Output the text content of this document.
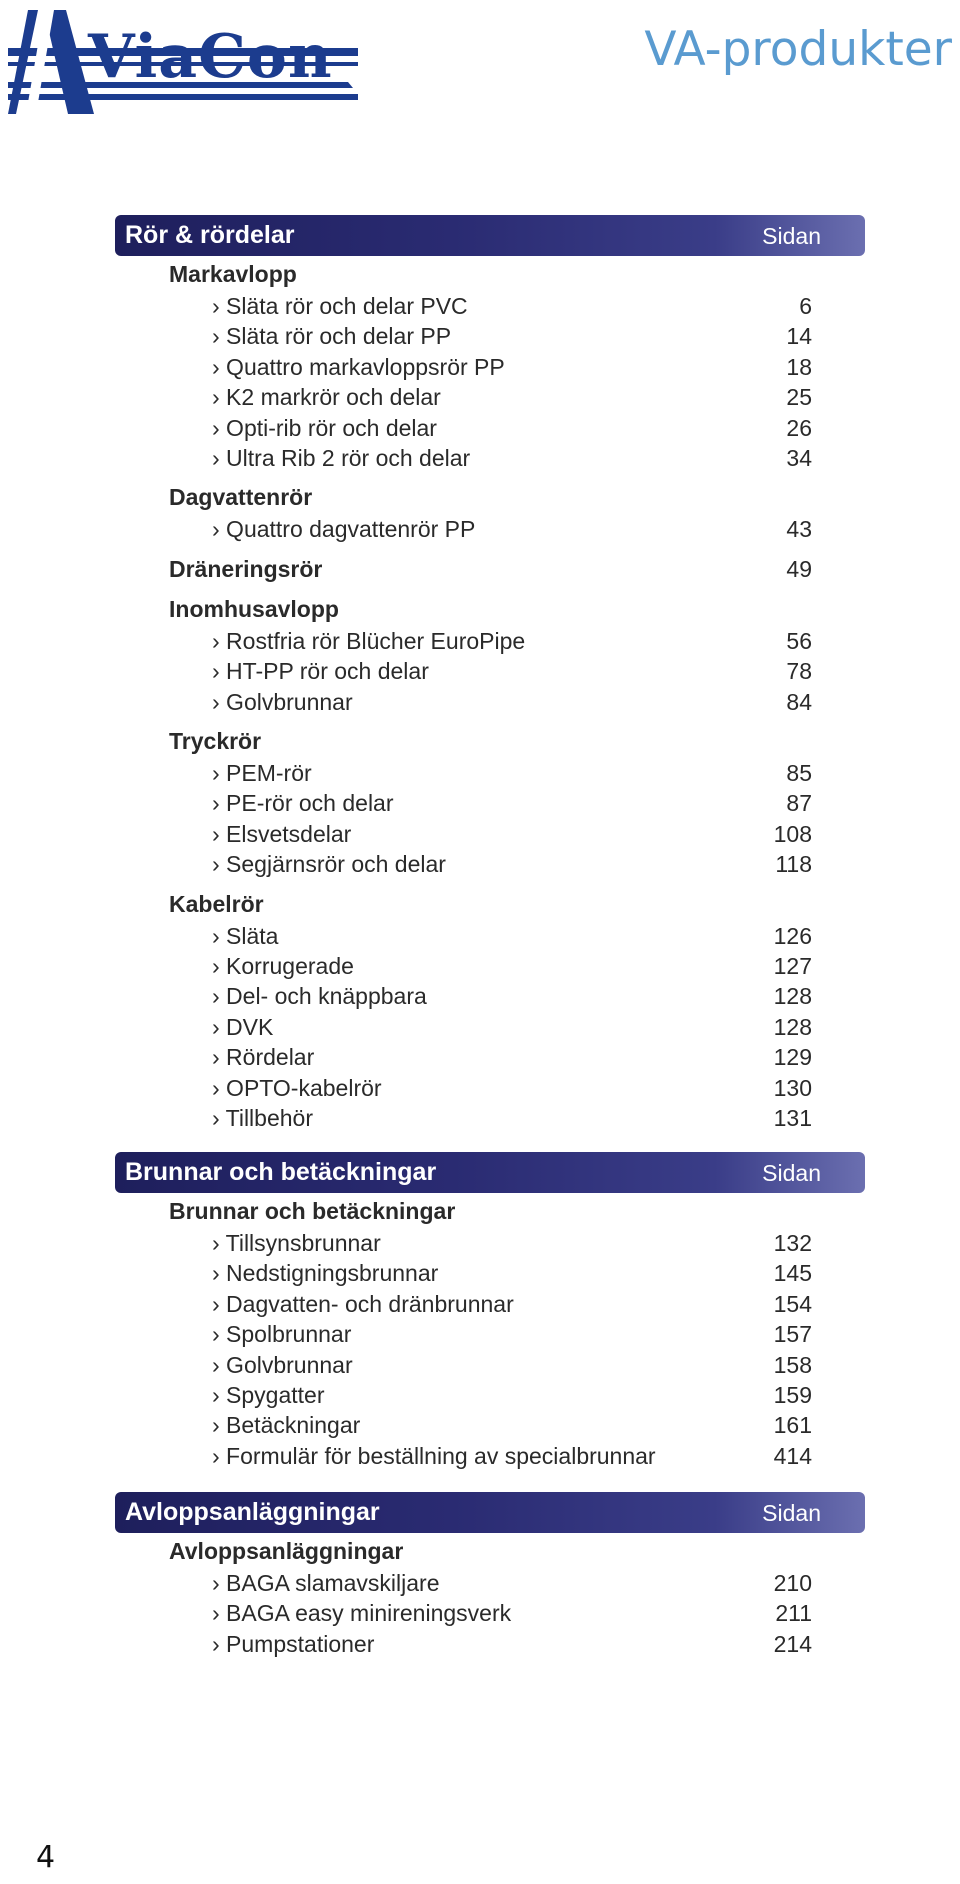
ViaCon	VA-produkter
Rör & rördelar	Sidan
Markavlopp
› Släta rör och delar PVC	6
› Släta rör och delar PP	14
› Quattro markavloppsrör PP	18
› K2 markrör och delar	25
› Opti-rib rör och delar	26
› Ultra Rib 2 rör och delar	34
Dagvattenrör
› Quattro dagvattenrör PP	43
Dräneringsrör	49
Inomhusavlopp
› Rostfria rör Blücher EuroPipe	56
› HT-PP rör och delar	78
› Golvbrunnar	84
Tryckrör
› PEM-rör	85
› PE-rör och delar	87
› Elsvetsdelar	108
› Segjärnsrör och delar	118
Kabelrör
› Släta	126
› Korrugerade	127
› Del- och knäppbara	128
› DVK	128
› Rördelar	129
› OPTO-kabelrör	130
› Tillbehör	131
Brunnar och betäckningar	Sidan
Brunnar och betäckningar
› Tillsynsbrunnar	132
› Nedstigningsbrunnar	145
› Dagvatten- och dränbrunnar	154
› Spolbrunnar	157
› Golvbrunnar	158
› Spygatter	159
› Betäckningar	161
› Formulär för beställning av specialbrunnar	414
Avloppsanläggningar	Sidan
Avloppsanläggningar
› BAGA slamavskiljare	210
› BAGA easy minireningsverk	211
› Pumpstationer	214
4
